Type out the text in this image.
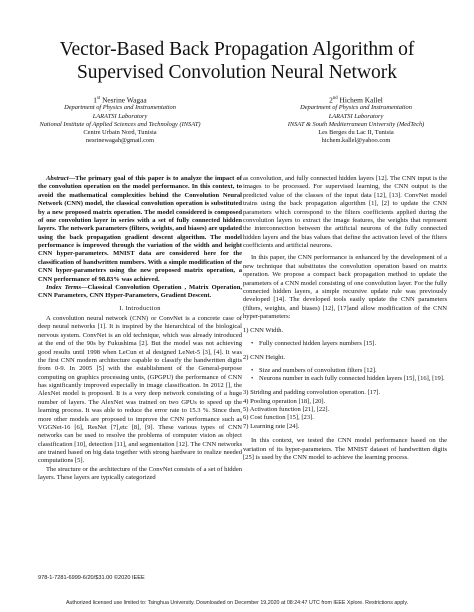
Vector-Based Back Propagation Algorithm of
Supervised Convolution Neural Network
1st Nesrine Wagaa
Department of Physics and Instrumentation
LARATSI Laboratory
National Institute of Applied Sciences and Technology (INSAT)
Centre Urbain Nord, Tunisia
nesrinewagah@gmail.com
2nd Hichem Kallel
Department of Physics and Instrumentation
LARATSI Laboratory
INSAT & South Mediterranean University (MedTech)
Les Berges du Lac II, Tunisia
hichem.kallel@yahoo.com

Abstract—The primary goal of this paper is to analyze the impact of the convolution operation on the model performance. In this context, to avoid the mathematical complexities behind the Convolution Neural Network (CNN) model, the classical convolution operation is substituted by a new proposed matrix operation. The model considered is composed of one convolution layer in series with a set of fully connected hidden layers. The network parameters (filters, weights, and biases) are updated using the back propagation gradient descent algorithm. The model performance is improved through the variation of the width and height CNN hyper-parameters. MNIST data are considered here for the classification of handwritten numbers. With a simple modification of the CNN hyper-parameters using the new proposed matrix operation, a CNN performance of 98.83% was achieved.

Index Terms—Classical Convolution Operation , Matrix Operation, CNN Parameters, CNN Hyper-Parameters, Gradient Descent.

I. Introduction

A convolution neural network (CNN) or ConvNet is a concrete case of deep neural networks [1]. It is inspired by the hierarchical of the biological nervous system. ConvNet is an old technique, which was already introduced at the end of the 90s by Fukushima [2]. But the model was not achieving good results until 1998 when LeCun et al designed LeNet-5 [3], [4]. It was the first CNN modern architecture capable to classify the handwritten digits from 0-9. In 2005 [5] with the establishment of the General-purpose computing on graphics processing units, (GPGPU) the performance of CNN has significantly improved especially in image classification. In 2012 [], the AlexNet model is proposed. It is a very deep network consisting of a huge number of layers. The AlexNet was trained on two GPUs to speed up the learning process. It was able to reduce the error rate to 15.3 %. Since then, more other models are proposed to improve the CNN performance such as VGGNet-16 [6], ResNet [7],etc [8], [9]. These various types of CNN networks can be used to resolve the problems of computer vision as object classification [10], detection [11], and segmentation [12]. The CNN networks are trained based on big data together with strong hardware to realize needed computations [5].

The structure or the architecture of the ConvNet consists of a set of hidden layers. These layers are typically categorized

as convolution, and fully connected hidden layers [12]. The CNN input is the images to be processed. For supervised learning, the CNN output is the predicted value of the classes of the input data [12], [13]. ConvNet model trains using the back propagation algorithm [1], [2] to update the CNN parameters which correspond to the filters coefficients applied during the convolution layers to extract the image features, the weights that represent the interconnection between the artificial neurons of the fully connected hidden layers and the bias values that define the activation level of the filters coefficients and artificial neurons.

In this paper, the CNN performance is enhanced by the development of a new technique that substitutes the convolution operation based on matrix operation. We propose a compact back propagation method to update the parameters of a CNN model consisting of one convolution layer. For the fully connected hidden layers, a simple recursive update rule was previously developed [14]. The developed tools easily update the CNN parameters (filters, weights, and biases) [12], [17]and allow modification of the CNN hyper-parameters:

1) CNN Width.
• Fully connected hidden layers numbers [15].
2) CNN Height.
• Size and numbers of convolution filters [12].
• Neurons number in each fully connected hidden layers [15], [16], [19].
3) Striding and padding convolution operation. [17].
4) Pooling operation [18], [20].
5) Activation function [21], [22].
6) Cost function [15], [23].
7) Learning rate [24].

In this context, we tested the CNN model performance based on the variation of its hyper-parameters. The MNIST dataset of handwritten digits [25] is used by the CNN model to achieve the learning process.

978-1-7281-6999-6/20/$31.00 ©2020 IEEE
Authorized licensed use limited to: Tsinghua University. Downloaded on December 19,2020 at 08:24:47 UTC from IEEE Xplore. Restrictions apply.
